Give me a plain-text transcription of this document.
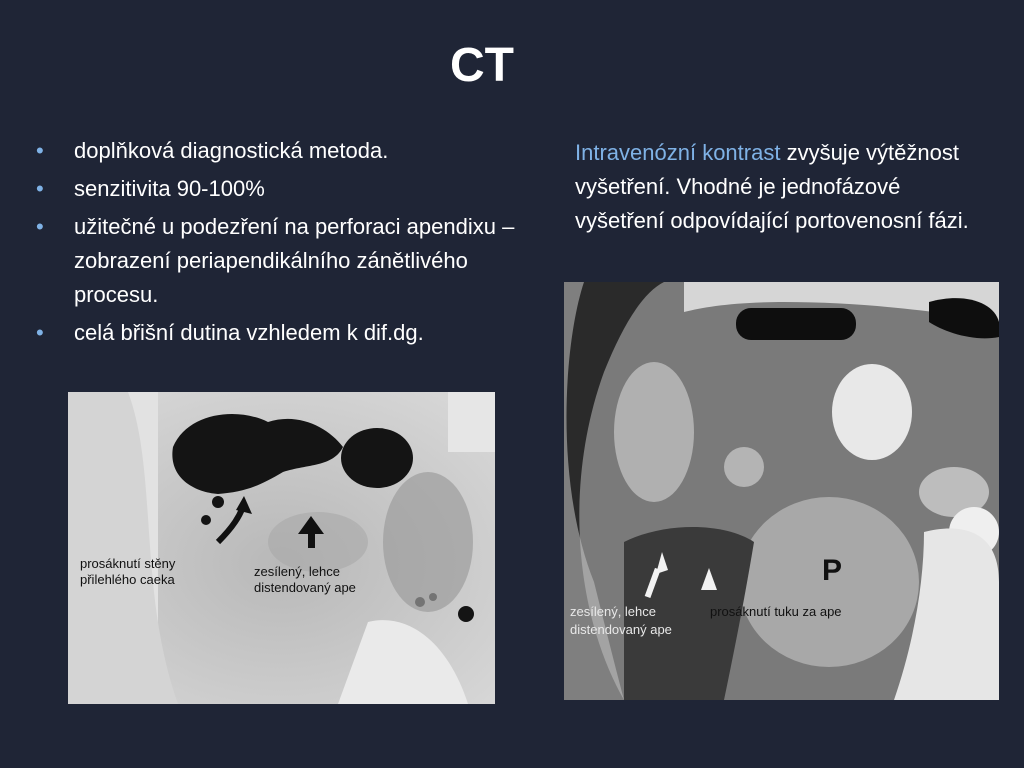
CT
• doplňková diagnostická metoda.
• senzitivita 90-100%
• užitečné u podezření na perforaci apendixu – zobrazení periapendikálního zánětlivého procesu.
• celá břišní dutina vzhledem k dif.dg.
Intravenózní kontrast zvyšuje výtěžnost vyšetření. Vhodné je jednofázové vyšetření odpovídající portovenosní fázi.
prosáknutí stěny
přilehlého caeka
zesílený, lehce
distendovaný ape
zesílený, lehce
distendovaný ape
prosáknutí tuku za ape
P
